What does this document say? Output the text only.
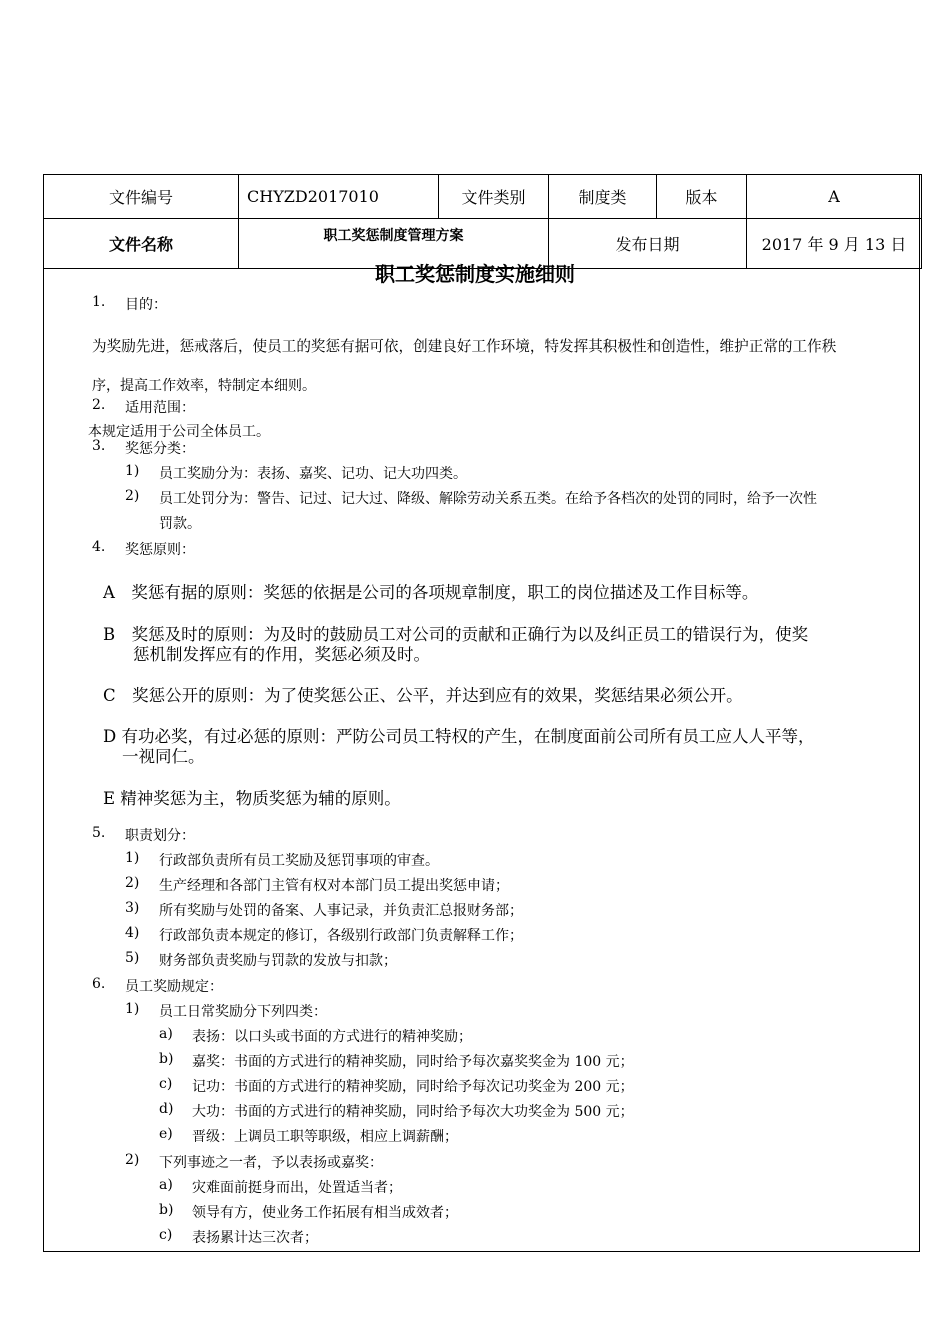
文件编号	CHYZD2017010	文件类别	制度类	版本	A
文件名称	职工奖惩制度管理方案		发布日期		2017 年 9 月 13 日
职工奖惩制度实施细则
1. 目的：
为奖励先进，惩戒落后，使员工的奖惩有据可依，创建良好工作环境，特发挥其积极性和创造性，维护正常的工作秩
序，提高工作效率，特制定本细则。
2. 适用范围：
本规定适用于公司全体员工。
3. 奖惩分类：
1) 员工奖励分为：表扬、嘉奖、记功、记大功四类。
2) 员工处罚分为：警告、记过、记大过、降级、解除劳动关系五类。在给予各档次的处罚的同时，给予一次性
罚款。
4. 奖惩原则：
A　奖惩有据的原则：奖惩的依据是公司的各项规章制度，职工的岗位描述及工作目标等。
B　奖惩及时的原则：为及时的鼓励员工对公司的贡献和正确行为以及纠正员工的错误行为，使奖
惩机制发挥应有的作用，奖惩必须及时。
C　奖惩公开的原则：为了使奖惩公正、公平，并达到应有的效果，奖惩结果必须公开。
D 有功必奖，有过必惩的原则：严防公司员工特权的产生，在制度面前公司所有员工应人人平等，
一视同仁。
E 精神奖惩为主，物质奖惩为辅的原则。
5. 职责划分：
1) 行政部负责所有员工奖励及惩罚事项的审查。
2) 生产经理和各部门主管有权对本部门员工提出奖惩申请；
3) 所有奖励与处罚的备案、人事记录，并负责汇总报财务部；
4) 行政部负责本规定的修订，各级别行政部门负责解释工作；
5) 财务部负责奖励与罚款的发放与扣款；
6. 员工奖励规定：
1) 员工日常奖励分下列四类：
a) 表扬：以口头或书面的方式进行的精神奖励；
b) 嘉奖：书面的方式进行的精神奖励，同时给予每次嘉奖奖金为 100 元；
c) 记功：书面的方式进行的精神奖励，同时给予每次记功奖金为 200 元；
d) 大功：书面的方式进行的精神奖励，同时给予每次大功奖金为 500 元；
e) 晋级：上调员工职等职级，相应上调薪酬；
2) 下列事迹之一者，予以表扬或嘉奖：
a) 灾难面前挺身而出，处置适当者；
b) 领导有方，使业务工作拓展有相当成效者；
c) 表扬累计达三次者；
